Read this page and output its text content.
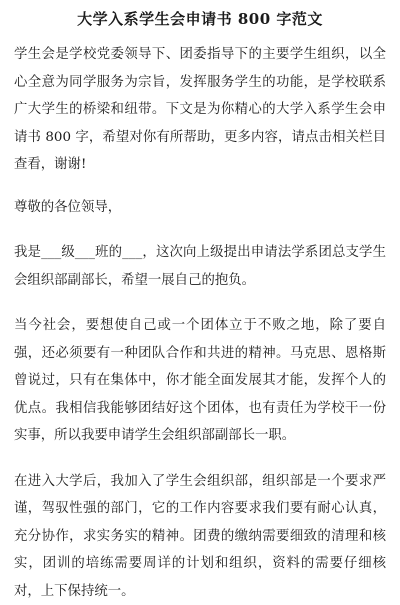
大学入系学生会申请书 800 字范文

学生会是学校党委领导下、团委指导下的主要学生组织，以全心全意为同学服务为宗旨，发挥服务学生的功能，是学校联系广大学生的桥梁和纽带。下文是为你精心的大学入系学生会申请书 800 字，希望对你有所帮助，更多内容，请点击相关栏目查看，谢谢!

尊敬的各位领导，

我是___级___班的___，这次向上级提出申请法学系团总支学生会组织部副部长，希望一展自己的抱负。

当今社会，要想使自己或一个团体立于不败之地，除了要自强，还必须要有一种团队合作和共进的精神。马克思、恩格斯曾说过，只有在集体中，你才能全面发展其才能，发挥个人的优点。我相信我能够团结好这个团体，也有责任为学校干一份实事，所以我要申请学生会组织部副部长一职。

在进入大学后，我加入了学生会组织部，组织部是一个要求严谨，驾驭性强的部门，它的工作内容要求我们要有耐心认真，充分协作，求实务实的精神。团费的缴纳需要细致的清理和核实，团训的培练需要周详的计划和组织，资料的需要仔细核对，上下保持统一。
